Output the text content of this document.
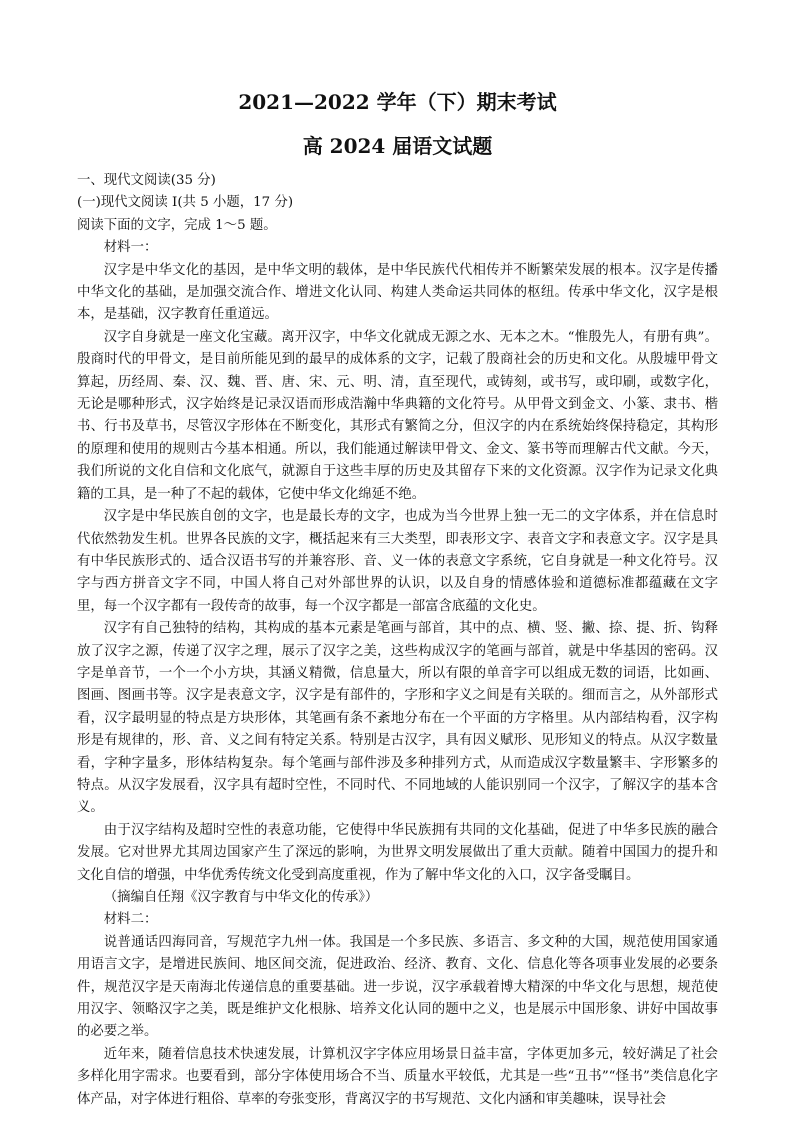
2021—2022 学年（下）期末考试
高 2024 届语文试题
一、现代文阅读(35 分)
(一)现代文阅读 I(共 5 小题，17 分)
阅读下面的文字，完成 1～5 题。
材料一：
汉字是中华文化的基因，是中华文明的载体，是中华民族代代相传并不断繁荣发展的根本。汉字是传播中华文化的基础，是加强交流合作、增进文化认同、构建人类命运共同体的枢纽。传承中华文化，汉字是根本，是基础，汉字教育任重道远。
汉字自身就是一座文化宝藏。离开汉字，中华文化就成无源之水、无本之木。“惟殷先人，有册有典”。殷商时代的甲骨文，是目前所能见到的最早的成体系的文字，记载了殷商社会的历史和文化。从殷墟甲骨文算起，历经周、秦、汉、魏、晋、唐、宋、元、明、清，直至现代，或铸刻，或书写，或印刷，或数字化，无论是哪种形式，汉字始终是记录汉语而形成浩瀚中华典籍的文化符号。从甲骨文到金文、小篆、隶书、楷书、行书及草书，尽管汉字形体在不断变化，其形式有繁简之分，但汉字的内在系统始终保持稳定，其构形的原理和使用的规则古今基本相通。所以，我们能通过解读甲骨文、金文、篆书等而理解古代文献。今天，我们所说的文化自信和文化底气，就源自于这些丰厚的历史及其留存下来的文化资源。汉字作为记录文化典籍的工具，是一种了不起的载体，它使中华文化绵延不绝。
汉字是中华民族自创的文字，也是最长寿的文字，也成为当今世界上独一无二的文字体系，并在信息时代依然勃发生机。世界各民族的文字，概括起来有三大类型，即表形文字、表音文字和表意文字。汉字是具有中华民族形式的、适合汉语书写的并兼容形、音、义一体的表意文字系统，它自身就是一种文化符号。汉字与西方拼音文字不同，中国人将自己对外部世界的认识，以及自身的情感体验和道德标准都蕴藏在文字里，每一个汉字都有一段传奇的故事，每一个汉字都是一部富含底蕴的文化史。
汉字有自己独特的结构，其构成的基本元素是笔画与部首，其中的点、横、竖、撇、捺、提、折、钩释放了汉字之源，传递了汉字之理，展示了汉字之美，这些构成汉字的笔画与部首，就是中华基因的密码。汉字是单音节，一个一个小方块，其涵义精微，信息量大，所以有限的单音字可以组成无数的词语，比如画、图画、图画书等。汉字是表意文字，汉字是有部件的，字形和字义之间是有关联的。细而言之，从外部形式看，汉字最明显的特点是方块形体，其笔画有条不紊地分布在一个平面的方字格里。从内部结构看，汉字构形是有规律的，形、音、义之间有特定关系。特别是古汉字，具有因义赋形、见形知义的特点。从汉字数量看，字种字量多，形体结构复杂。每个笔画与部件涉及多种排列方式，从而造成汉字数量繁丰、字形繁多的特点。从汉字发展看，汉字具有超时空性，不同时代、不同地域的人能识别同一个汉字，了解汉字的基本含义。
由于汉字结构及超时空性的表意功能，它使得中华民族拥有共同的文化基础，促进了中华多民族的融合发展。它对世界尤其周边国家产生了深远的影响，为世界文明发展做出了重大贡献。随着中国国力的提升和文化自信的增强，中华优秀传统文化受到高度重视，作为了解中华文化的入口，汉字备受瞩目。
（摘编自任翔《汉字教育与中华文化的传承》）
材料二：
说普通话四海同音，写规范字九州一体。我国是一个多民族、多语言、多文种的大国，规范使用国家通用语言文字，是增进民族间、地区间交流，促进政治、经济、教育、文化、信息化等各项事业发展的必要条件，规范汉字是天南海北传递信息的重要基础。进一步说，汉字承载着博大精深的中华文化与思想，规范使用汉字、领略汉字之美，既是维护文化根脉、培养文化认同的题中之义，也是展示中国形象、讲好中国故事的必要之举。
近年来，随着信息技术快速发展，计算机汉字字体应用场景日益丰富，字体更加多元，较好满足了社会多样化用字需求。也要看到，部分字体使用场合不当、质量水平较低，尤其是一些“丑书”“怪书”类信息化字体产品，对字体进行粗俗、草率的夸张变形，背离汉字的书写规范、文化内涵和审美趣味，误导社会
